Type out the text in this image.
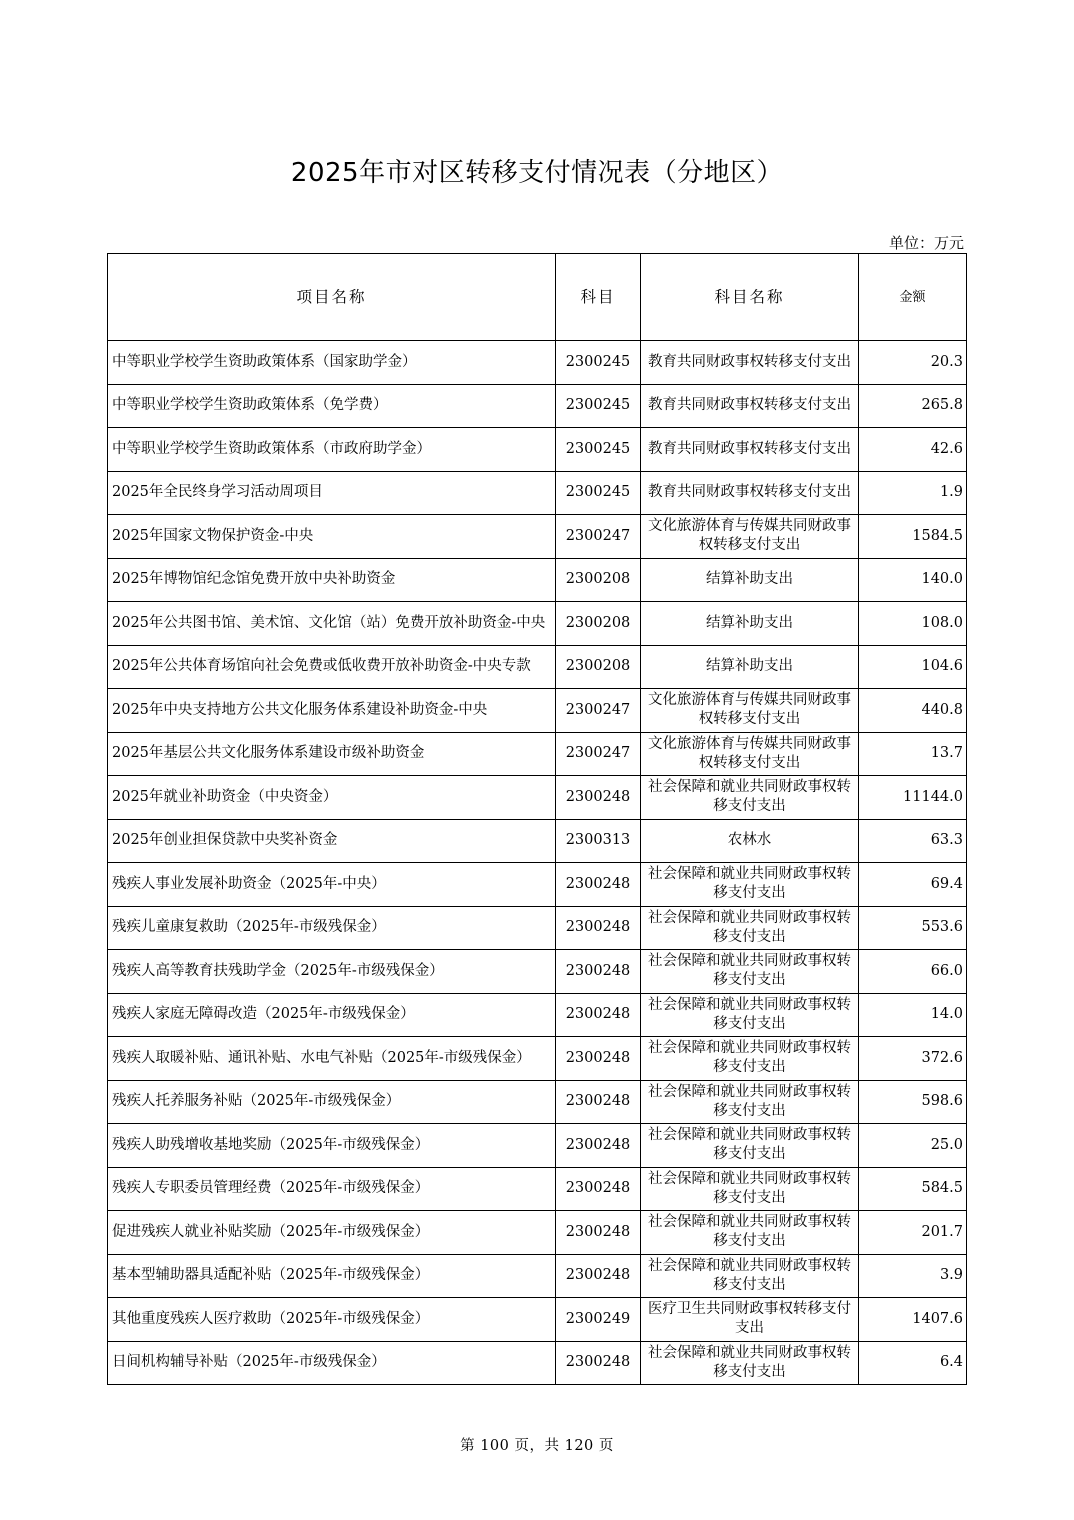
2025年市对区转移支付情况表（分地区）
单位：万元
项目名称	科目	科目名称	金额
中等职业学校学生资助政策体系（国家助学金）	2300245	教育共同财政事权转移支付支出	20.3
中等职业学校学生资助政策体系（免学费）	2300245	教育共同财政事权转移支付支出	265.8
中等职业学校学生资助政策体系（市政府助学金）	2300245	教育共同财政事权转移支付支出	42.6
2025年全民终身学习活动周项目	2300245	教育共同财政事权转移支付支出	1.9
2025年国家文物保护资金-中央	2300247	文化旅游体育与传媒共同财政事权转移支付支出	1584.5
2025年博物馆纪念馆免费开放中央补助资金	2300208	结算补助支出	140.0
2025年公共图书馆、美术馆、文化馆（站）免费开放补助资金-中央	2300208	结算补助支出	108.0
2025年公共体育场馆向社会免费或低收费开放补助资金-中央专款	2300208	结算补助支出	104.6
2025年中央支持地方公共文化服务体系建设补助资金-中央	2300247	文化旅游体育与传媒共同财政事权转移支付支出	440.8
2025年基层公共文化服务体系建设市级补助资金	2300247	文化旅游体育与传媒共同财政事权转移支付支出	13.7
2025年就业补助资金（中央资金）	2300248	社会保障和就业共同财政事权转移支付支出	11144.0
2025年创业担保贷款中央奖补资金	2300313	农林水	63.3
残疾人事业发展补助资金（2025年-中央）	2300248	社会保障和就业共同财政事权转移支付支出	69.4
残疾儿童康复救助（2025年-市级残保金）	2300248	社会保障和就业共同财政事权转移支付支出	553.6
残疾人高等教育扶残助学金（2025年-市级残保金）	2300248	社会保障和就业共同财政事权转移支付支出	66.0
残疾人家庭无障碍改造（2025年-市级残保金）	2300248	社会保障和就业共同财政事权转移支付支出	14.0
残疾人取暖补贴、通讯补贴、水电气补贴（2025年-市级残保金）	2300248	社会保障和就业共同财政事权转移支付支出	372.6
残疾人托养服务补贴（2025年-市级残保金）	2300248	社会保障和就业共同财政事权转移支付支出	598.6
残疾人助残增收基地奖励（2025年-市级残保金）	2300248	社会保障和就业共同财政事权转移支付支出	25.0
残疾人专职委员管理经费（2025年-市级残保金）	2300248	社会保障和就业共同财政事权转移支付支出	584.5
促进残疾人就业补贴奖励（2025年-市级残保金）	2300248	社会保障和就业共同财政事权转移支付支出	201.7
基本型辅助器具适配补贴（2025年-市级残保金）	2300248	社会保障和就业共同财政事权转移支付支出	3.9
其他重度残疾人医疗救助（2025年-市级残保金）	2300249	医疗卫生共同财政事权转移支付支出	1407.6
日间机构辅导补贴（2025年-市级残保金）	2300248	社会保障和就业共同财政事权转移支付支出	6.4
第 100 页，共 120 页
